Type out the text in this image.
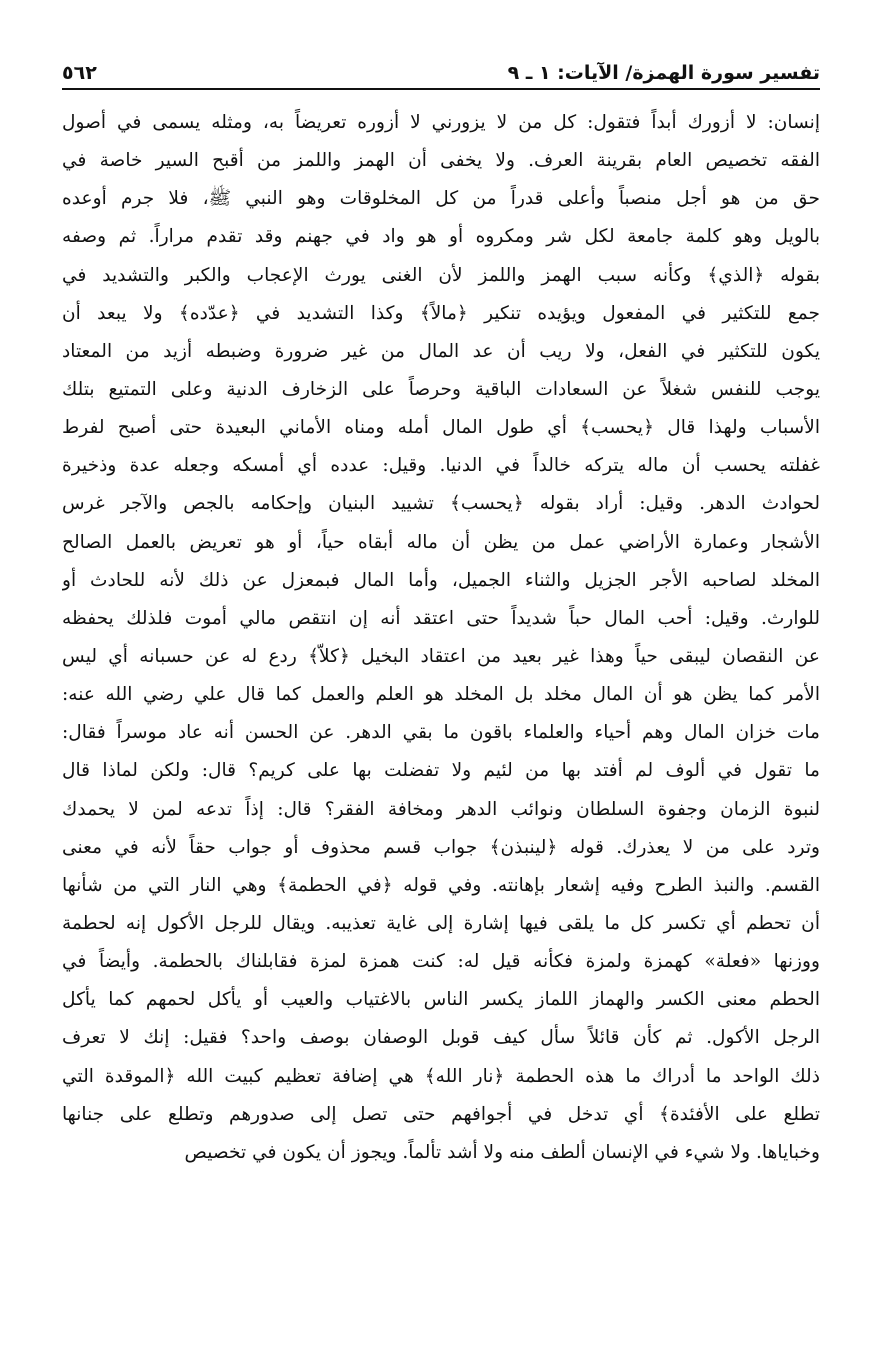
تفسير سورة الهمزة/ الآيات: ١ ـ ٩
٥٦٢
إنسان: لا أزورك أبداً فتقول: كل من لا يزورني لا أزوره تعريضاً به، ومثله يسمى في أصول
الفقه تخصيص العام بقرينة العرف. ولا يخفى أن الهمز واللمز من أقبح السير خاصة في
حق من هو أجل منصباً وأعلى قدراً من كل المخلوقات وهو النبي ﷺ، فلا جرم أوعده
بالويل وهو كلمة جامعة لكل شر ومكروه أو هو واد في جهنم وقد تقدم مراراً. ثم وصفه
بقوله ﴿الذي﴾ وكأنه سبب الهمز واللمز لأن الغنى يورث الإعجاب والكبر والتشديد في
جمع للتكثير في المفعول ويؤيده تنكير ﴿مالاً﴾ وكذا التشديد في ﴿عدّده﴾ ولا يبعد أن
يكون للتكثير في الفعل، ولا ريب أن عد المال من غير ضرورة وضبطه أزيد من المعتاد
يوجب للنفس شغلاً عن السعادات الباقية وحرصاً على الزخارف الدنية وعلى التمتيع بتلك
الأسباب ولهذا قال ﴿يحسب﴾ أي طول المال أمله ومناه الأماني البعيدة حتى أصبح لفرط
غفلته يحسب أن ماله يتركه خالداً في الدنيا. وقيل: عدده أي أمسكه وجعله عدة وذخيرة
لحوادث الدهر. وقيل: أراد بقوله ﴿يحسب﴾ تشييد البنيان وإحكامه بالجص والآجر غرس
الأشجار وعمارة الأراضي عمل من يظن أن ماله أبقاه حياً، أو هو تعريض بالعمل الصالح
المخلد لصاحبه الأجر الجزيل والثناء الجميل، وأما المال فبمعزل عن ذلك لأنه للحادث أو
للوارث. وقيل: أحب المال حباً شديداً حتى اعتقد أنه إن انتقص مالي أموت فلذلك يحفظه
عن النقصان ليبقى حياً وهذا غير بعيد من اعتقاد البخيل ﴿كلاّ﴾ ردع له عن حسبانه أي ليس
الأمر كما يظن هو أن المال مخلد بل المخلد هو العلم والعمل كما قال علي رضي الله عنه:
مات خزان المال وهم أحياء والعلماء باقون ما بقي الدهر. عن الحسن أنه عاد موسراً فقال:
ما تقول في ألوف لم أفتد بها من لئيم ولا تفضلت بها على كريم؟ قال: ولكن لماذا قال
لنبوة الزمان وجفوة السلطان ونوائب الدهر ومخافة الفقر؟ قال: إذاً تدعه لمن لا يحمدك
وترد على من لا يعذرك. قوله ﴿لينبذن﴾ جواب قسم محذوف أو جواب حقاً لأنه في معنى
القسم. والنبذ الطرح وفيه إشعار بإهانته. وفي قوله ﴿في الحطمة﴾ وهي النار التي من شأنها
أن تحطم أي تكسر كل ما يلقى فيها إشارة إلى غاية تعذيبه. ويقال للرجل الأكول إنه لحطمة
ووزنها «فعلة» كهمزة ولمزة فكأنه قيل له: كنت همزة لمزة فقابلناك بالحطمة. وأيضاً في
الحطم معنى الكسر والهماز اللماز يكسر الناس بالاغتياب والعيب أو يأكل لحمهم كما يأكل
الرجل الأكول. ثم كأن قائلاً سأل كيف قوبل الوصفان بوصف واحد؟ فقيل: إنك لا تعرف
ذلك الواحد ما أدراك ما هذه الحطمة ﴿نار الله﴾ هي إضافة تعظيم كبيت الله ﴿الموقدة التي
تطلع على الأفئدة﴾ أي تدخل في أجوافهم حتى تصل إلى صدورهم وتطلع على جنانها
وخباياها. ولا شيء في الإنسان ألطف منه ولا أشد تألماً. ويجوز أن يكون في تخصيص
